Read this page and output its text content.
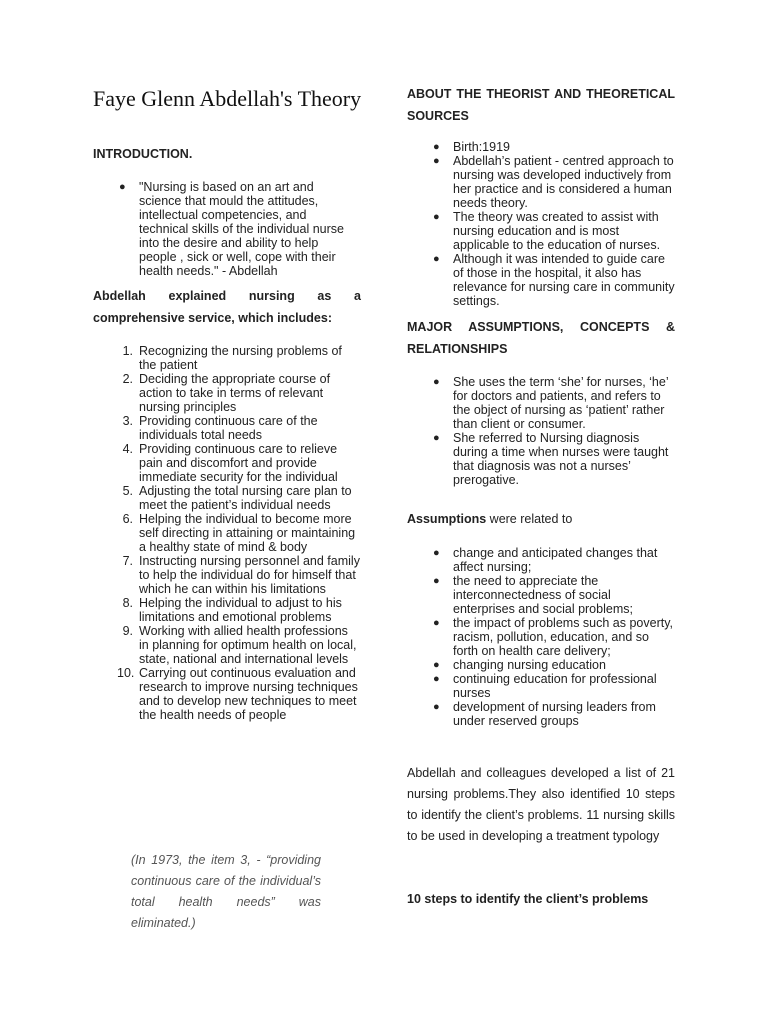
Faye Glenn Abdellah's Theory
INTRODUCTION.
● "Nursing is based on an art and science that mould the attitudes, intellectual competencies, and technical skills of the individual nurse into the desire and ability to help people , sick or well, cope with their health needs." - Abdellah
Abdellah explained nursing as a comprehensive service, which includes:
1. Recognizing the nursing problems of the patient
2. Deciding the appropriate course of action to take in terms of relevant nursing principles
3. Providing continuous care of the individuals total needs
4. Providing continuous care to relieve pain and discomfort and provide immediate security for the individual
5. Adjusting the total nursing care plan to meet the patient’s individual needs
6. Helping the individual to become more self directing in attaining or maintaining a healthy state of mind & body
7. Instructing nursing personnel and family to help the individual do for himself that which he can within his limitations
8. Helping the individual to adjust to his limitations and emotional problems
9. Working with allied health professions in planning for optimum health on local, state, national and international levels
10. Carrying out continuous evaluation and research to improve nursing techniques and to develop new techniques to meet the health needs of people

(In 1973, the item 3, - “providing continuous care of the individual’s total health needs” was eliminated.)

ABOUT THE THEORIST AND THEORETICAL SOURCES
● Birth:1919
● Abdellah’s patient - centred approach to nursing was developed inductively from her practice and is considered a human needs theory.
● The theory was created to assist with nursing education and is most applicable to the education of nurses.
● Although it was intended to guide care of those in the hospital, it also has relevance for nursing care in community settings.
MAJOR ASSUMPTIONS, CONCEPTS & RELATIONSHIPS
● She uses the term ‘she’ for nurses, ‘he’ for doctors and patients, and refers to the object of nursing as ‘patient’ rather than client or consumer.
● She referred to Nursing diagnosis during a time when nurses were taught that diagnosis was not a nurses’ prerogative.
Assumptions were related to
● change and anticipated changes that affect nursing;
● the need to appreciate the interconnectedness of social enterprises and social problems;
● the impact of problems such as poverty, racism, pollution, education, and so forth on health care delivery;
● changing nursing education
● continuing education for professional nurses
● development of nursing leaders from under reserved groups

Abdellah and colleagues developed a list of 21 nursing problems.They also identified 10 steps to identify the client’s problems. 11 nursing skills to be used in developing a treatment typology

10 steps to identify the client’s problems
